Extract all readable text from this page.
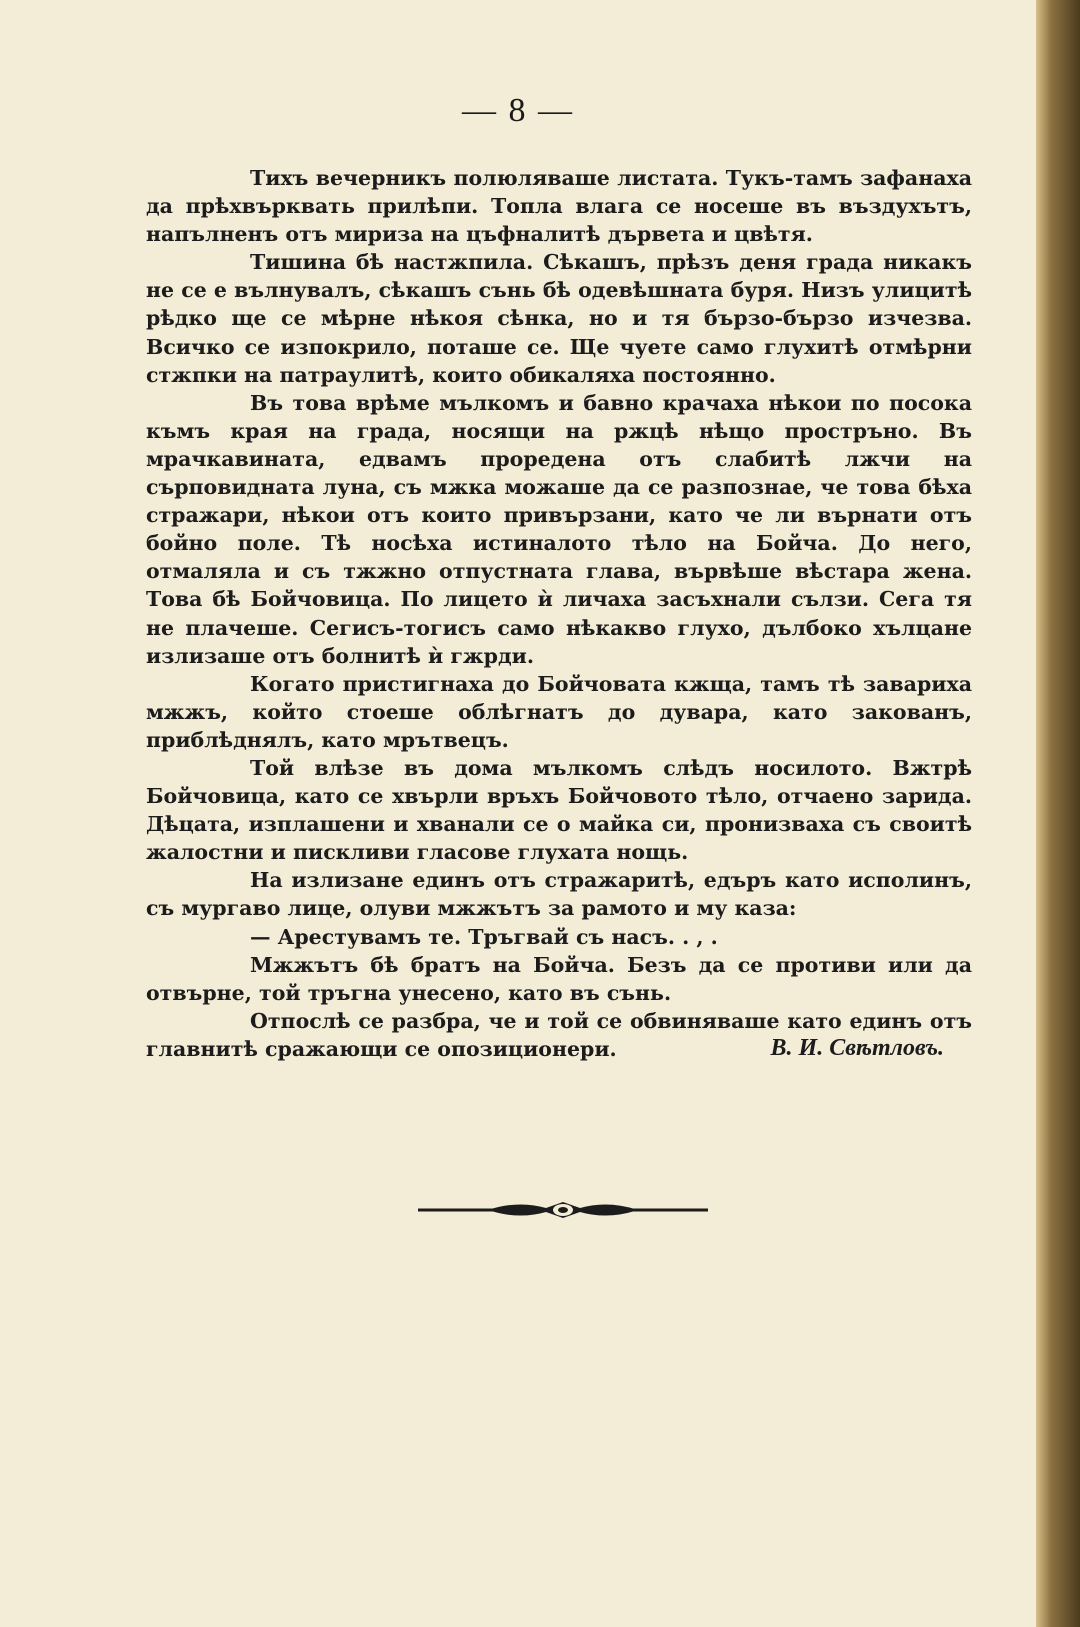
— 8 —

Тихъ вечерникъ полюляваше листата. Тукъ-тамъ зафанаха да прѣхвърквать прилѣпи. Топла влага се носеше въ въздухътъ, напълненъ отъ мириза на цъфналитѣ дървета и цвѣтя.

Тишина бѣ настжпила. Сѣкашъ, прѣзъ деня града никакъ не се е вълнувалъ, сѣкашъ сънь бѣ одевѣшната буря. Низъ улицитѣ рѣдко ще се мѣрне нѣкоя сѣнка, но и тя бързо-бързо изчезва. Всичко се изпокрило, поташе се. Ще чуете само глухитѣ отмѣрни стжпки на патраулитѣ, които обикаляха постоянно.

Въ това врѣме мълкомъ и бавно крачаха нѣкои по посока къмъ края на града, носящи на ржцѣ нѣщо простръно. Въ мрачкавината, едвамъ проредена отъ слабитѣ лжчи на сърповидната луна, съ мжка можаше да се разпознае, че това бѣха стражари, нѣкои отъ които привързани, като че ли върнати отъ бойно поле. Тѣ носѣха истиналото тѣло на Бойча. До него, отмаляла и съ тжжно отпустната глава, вървѣше вѣстара жена. Това бѣ Бойчовица. По лицето ѝ личаха засъхнали сълзи. Сега тя не плачеше. Сегисъ-тогисъ само нѣкакво глухо, дълбоко хълцане излизаше отъ болнитѣ ѝ гжрди.

Когато пристигнаха до Бойчовата кжща, тамъ тѣ завариха мжжъ, който стоеше облѣгнатъ до дувара, като закованъ, приблѣднялъ, като мрътвецъ.

Той влѣзе въ дома мълкомъ слѣдъ носилото. Вжтрѣ Бойчовица, като се хвърли връхъ Бойчовото тѣло, отчаено зарида. Дѣцата, изплашени и хванали се о майка си, пронизваха съ своитѣ жалостни и пискливи гласове глухата нощь.

На излизане единъ отъ стражаритѣ, едъръ като исполинъ, съ мургаво лице, олуви мжжътъ за рамото и му каза:

— Арестувамъ те. Тръгвай съ насъ. . , .

Мжжътъ бѣ братъ на Бойча. Безъ да се противи или да отвърне, той тръгна унесено, като въ сънь.

Отпослѣ се разбра, че и той се обвиняваше като единъ отъ главнитѣ сражающи се опозиционери.	В. И. Свѣтловъ.
